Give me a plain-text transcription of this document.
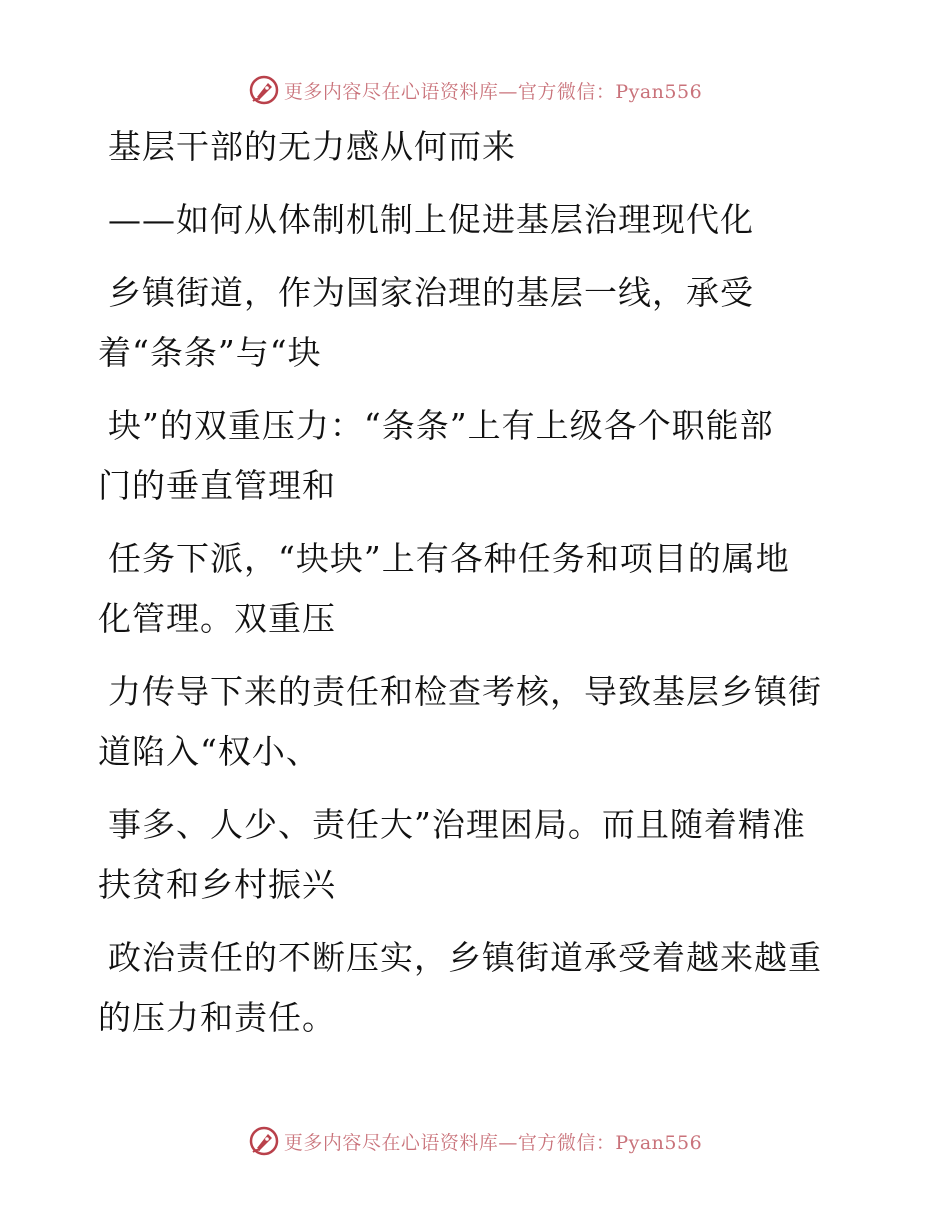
更多内容尽在心语资料库—官方微信：Pyan556
基层干部的无力感从何而来
——如何从体制机制上促进基层治理现代化
乡镇街道，作为国家治理的基层一线，承受
着“条条”与“块
块”的双重压力：“条条”上有上级各个职能部
门的垂直管理和
任务下派，“块块”上有各种任务和项目的属地
化管理。双重压
力传导下来的责任和检查考核，导致基层乡镇街
道陷入“权小、
事多、人少、责任大”治理困局。而且随着精准
扶贫和乡村振兴
政治责任的不断压实，乡镇街道承受着越来越重
的压力和责任。
更多内容尽在心语资料库—官方微信：Pyan556
